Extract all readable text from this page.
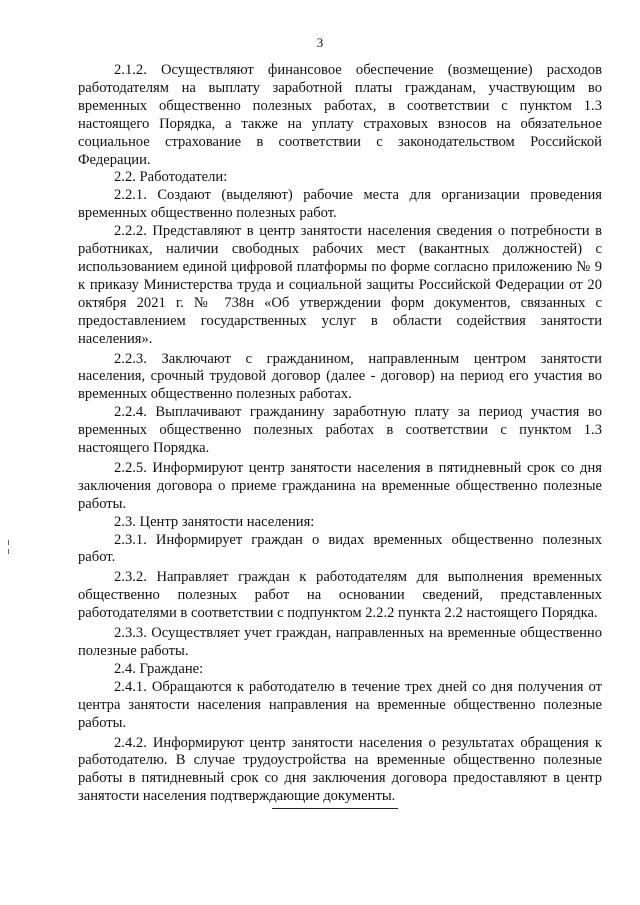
3

2.1.2. Осуществляют финансовое обеспечение (возмещение) расходов работодателям на выплату заработной платы гражданам, участвующим во временных общественно полезных работах, в соответствии с пунктом 1.3 настоящего Порядка, а также на уплату страховых взносов на обязательное социальное страхование в соответствии с законодательством Российской Федерации.

2.2. Работодатели:

2.2.1. Создают (выделяют) рабочие места для организации проведения временных общественно полезных работ.

2.2.2. Представляют в центр занятости населения сведения о потребности в работниках, наличии свободных рабочих мест (вакантных должностей) с использованием единой цифровой платформы по форме согласно приложению № 9 к приказу Министерства труда и социальной защиты Российской Федерации от 20 октября 2021 г. № 738н «Об утверждении форм документов, связанных с предоставлением государственных услуг в области содействия занятости населения».

2.2.3. Заключают с гражданином, направленным центром занятости населения, срочный трудовой договор (далее - договор) на период его участия во временных общественно полезных работах.

2.2.4. Выплачивают гражданину заработную плату за период участия во временных общественно полезных работах в соответствии с пунктом 1.3 настоящего Порядка.

2.2.5. Информируют центр занятости населения в пятидневный срок со дня заключения договора о приеме гражданина на временные общественно полезные работы.

2.3. Центр занятости населения:

2.3.1. Информирует граждан о видах временных общественно полезных работ.

2.3.2. Направляет граждан к работодателям для выполнения временных общественно полезных работ на основании сведений, представленных работодателями в соответствии с подпунктом 2.2.2 пункта 2.2 настоящего Порядка.

2.3.3. Осуществляет учет граждан, направленных на временные общественно полезные работы.

2.4. Граждане:

2.4.1. Обращаются к работодателю в течение трех дней со дня получения от центра занятости населения направления на временные общественно полезные работы.

2.4.2. Информируют центр занятости населения о результатах обращения к работодателю. В случае трудоустройства на временные общественно полезные работы в пятидневный срок со дня заключения договора предоставляют в центр занятости населения подтверждающие документы.
